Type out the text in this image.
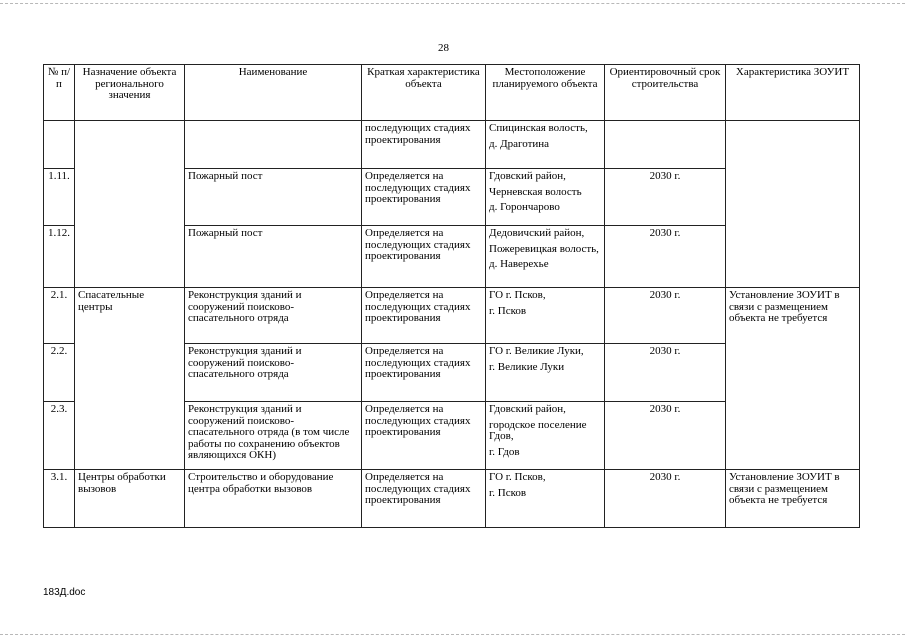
28
№ п/п	Назначение объекта регионального значения	Наименование	Краткая характеристика объекта	Местоположение планируемого объекта	Ориентировочный срок строительства	Характеристика ЗОУИТ
			последующих стадиях проектирования	Спицинская волость,
д. Драготина		

1.11.		Пожарный пост	Определяется на последующих стадиях проектирования	Гдовский район,
Черневская волость
д. Горончарово	2030 г.	
1.12.		Пожарный пост	Определяется на последующих стадиях проектирования	Дедовичский район,
Пожеревицкая волость,
д. Наверехье	2030 г.	
2.1.	Спасательные центры	Реконструкция зданий и сооружений поисково-спасательного отряда	Определяется на последующих стадиях проектирования	ГО г. Псков,
г. Псков	2030 г.	Установление ЗОУИТ в связи с размещением объекта не требуется
2.2.		Реконструкция зданий и сооружений поисково-спасательного отряда	Определяется на последующих стадиях проектирования	ГО г. Великие Луки,
г. Великие Луки	2030 г.	
2.3.		Реконструкция зданий и сооружений поисково-спасательного отряда (в том числе работы по сохранению объектов являющихся ОКН)	Определяется на последующих стадиях проектирования	Гдовский район,
городское поселение Гдов,
г. Гдов	2030 г.	
3.1.	Центры обработки вызовов	Строительство и оборудование центра обработки вызовов	Определяется на последующих стадиях проектирования	ГО г. Псков,
г. Псков	2030 г.	Установление ЗОУИТ в связи с размещением объекта не требуется
183Д.doc
